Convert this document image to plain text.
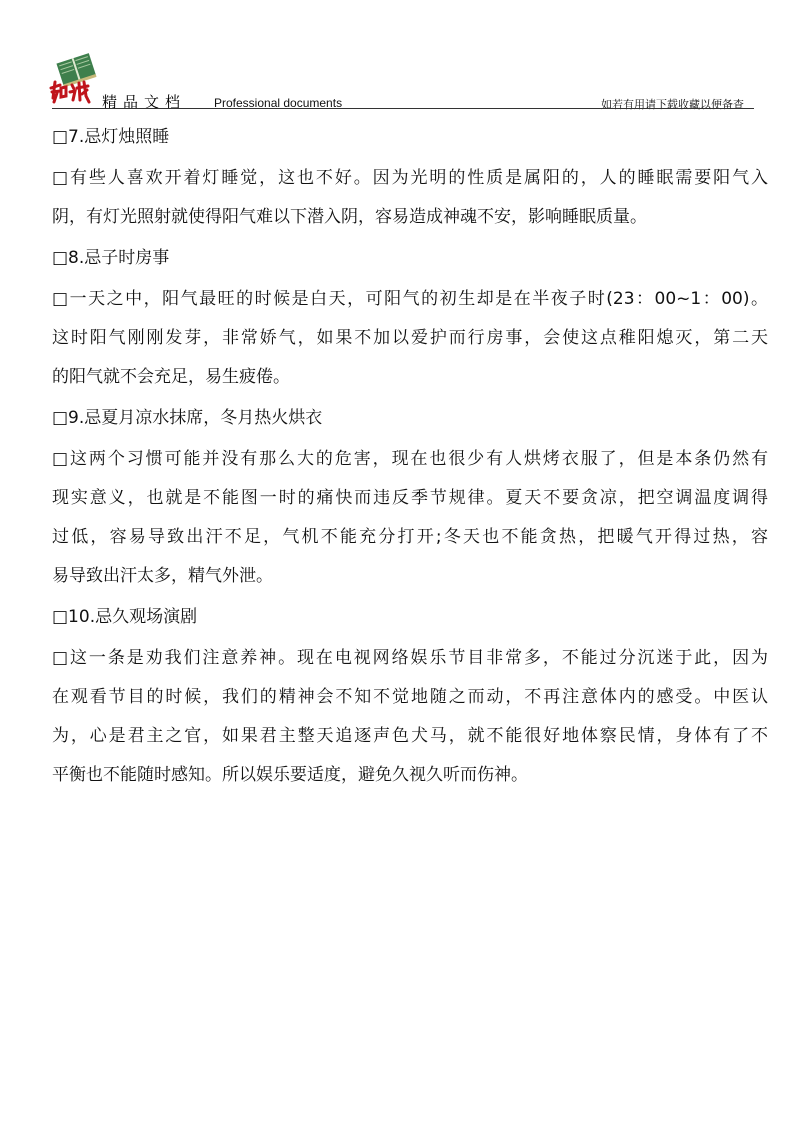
精品文档 Professional documents	如若有用请下载收藏以便备查
□7.忌灯烛照睡
□有些人喜欢开着灯睡觉，这也不好。因为光明的性质是属阳的，人的睡眠需要阳气入
阴，有灯光照射就使得阳气难以下潜入阴，容易造成神魂不安，影响睡眠质量。
□8.忌子时房事
□一天之中，阳气最旺的时候是白天，可阳气的初生却是在半夜子时(23：00~1：00)。
这时阳气刚刚发芽，非常娇气，如果不加以爱护而行房事，会使这点稚阳熄灭，第二天
的阳气就不会充足，易生疲倦。
□9.忌夏月凉水抹席，冬月热火烘衣
□这两个习惯可能并没有那么大的危害，现在也很少有人烘烤衣服了，但是本条仍然有
现实意义，也就是不能图一时的痛快而违反季节规律。夏天不要贪凉，把空调温度调得
过低，容易导致出汗不足，气机不能充分打开;冬天也不能贪热，把暖气开得过热，容
易导致出汗太多，精气外泄。
□10.忌久观场演剧
□这一条是劝我们注意养神。现在电视网络娱乐节目非常多，不能过分沉迷于此，因为
在观看节目的时候，我们的精神会不知不觉地随之而动，不再注意体内的感受。中医认
为，心是君主之官，如果君主整天追逐声色犬马，就不能很好地体察民情，身体有了不
平衡也不能随时感知。所以娱乐要适度，避免久视久听而伤神。
